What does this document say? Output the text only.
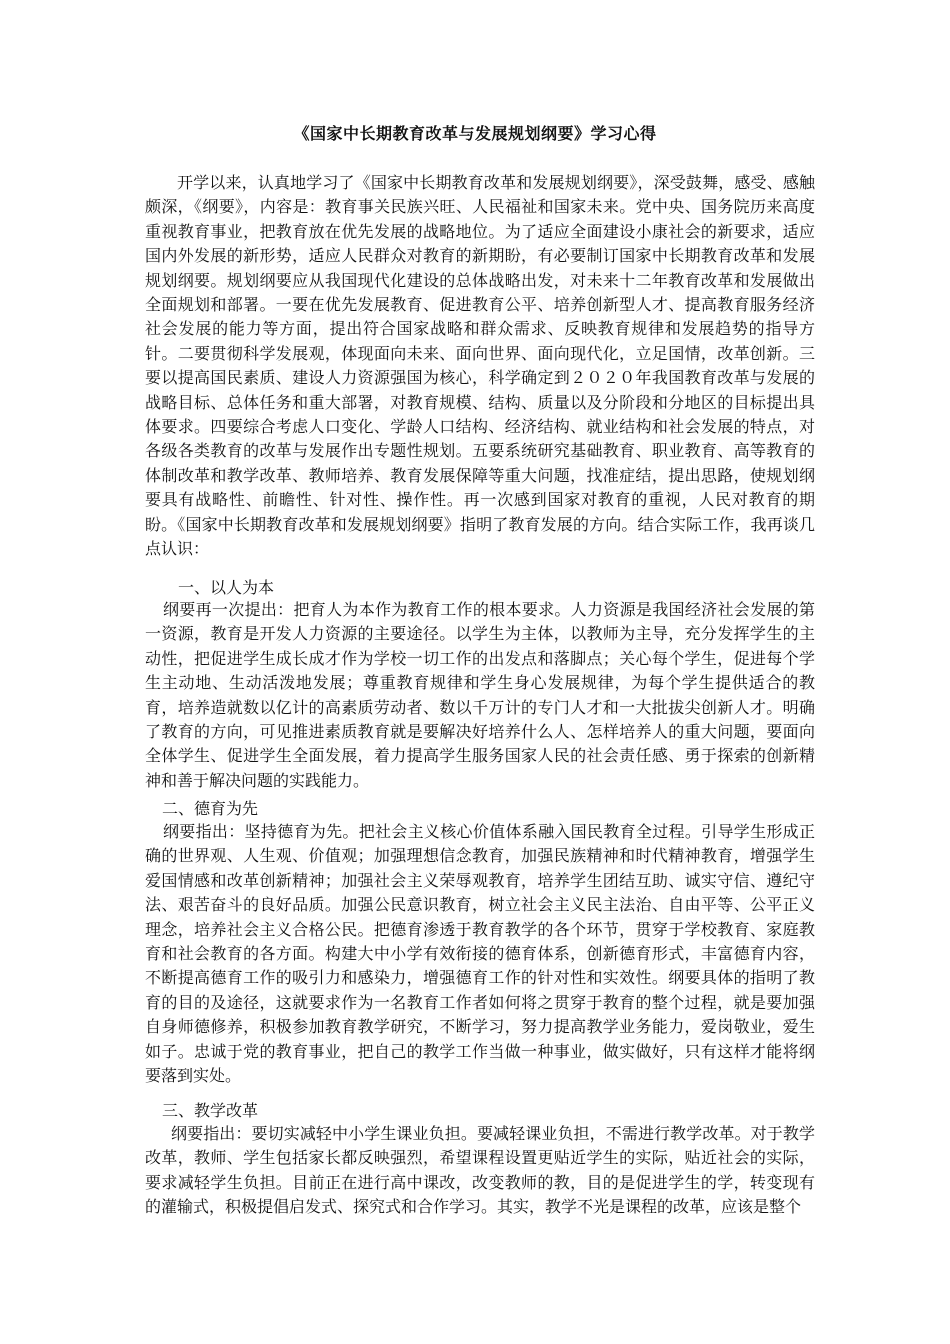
《国家中长期教育改革与发展规划纲要》学习心得

开学以来，认真地学习了《国家中长期教育改革和发展规划纲要》，深受鼓舞，感受、感触颇深，《纲要》，内容是：教育事关民族兴旺、人民福祉和国家未来。党中央、国务院历来高度重视教育事业，把教育放在优先发展的战略地位。为了适应全面建设小康社会的新要求，适应国内外发展的新形势，适应人民群众对教育的新期盼，有必要制订国家中长期教育改革和发展规划纲要。规划纲要应从我国现代化建设的总体战略出发，对未来十二年教育改革和发展做出全面规划和部署。一要在优先发展教育、促进教育公平、培养创新型人才、提高教育服务经济社会发展的能力等方面，提出符合国家战略和群众需求、反映教育规律和发展趋势的指导方针。二要贯彻科学发展观，体现面向未来、面向世界、面向现代化，立足国情，改革创新。三要以提高国民素质、建设人力资源强国为核心，科学确定到２０２０年我国教育改革与发展的战略目标、总体任务和重大部署，对教育规模、结构、质量以及分阶段和分地区的目标提出具体要求。四要综合考虑人口变化、学龄人口结构、经济结构、就业结构和社会发展的特点，对各级各类教育的改革与发展作出专题性规划。五要系统研究基础教育、职业教育、高等教育的体制改革和教学改革、教师培养、教育发展保障等重大问题，找准症结，提出思路，使规划纲要具有战略性、前瞻性、针对性、操作性。再一次感到国家对教育的重视，人民对教育的期盼。《国家中长期教育改革和发展规划纲要》指明了教育发展的方向。结合实际工作，我再谈几点认识：

一、以人为本

纲要再一次提出：把育人为本作为教育工作的根本要求。人力资源是我国经济社会发展的第一资源，教育是开发人力资源的主要途径。以学生为主体，以教师为主导，充分发挥学生的主动性，把促进学生成长成才作为学校一切工作的出发点和落脚点；关心每个学生，促进每个学生主动地、生动活泼地发展；尊重教育规律和学生身心发展规律，为每个学生提供适合的教育，培养造就数以亿计的高素质劳动者、数以千万计的专门人才和一大批拔尖创新人才。明确了教育的方向，可见推进素质教育就是要解决好培养什么人、怎样培养人的重大问题，要面向全体学生、促进学生全面发展，着力提高学生服务国家人民的社会责任感、勇于探索的创新精神和善于解决问题的实践能力。

二、德育为先

纲要指出：坚持德育为先。把社会主义核心价值体系融入国民教育全过程。引导学生形成正确的世界观、人生观、价值观；加强理想信念教育，加强民族精神和时代精神教育，增强学生爱国情感和改革创新精神；加强社会主义荣辱观教育，培养学生团结互助、诚实守信、遵纪守法、艰苦奋斗的良好品质。加强公民意识教育，树立社会主义民主法治、自由平等、公平正义理念，培养社会主义合格公民。把德育渗透于教育教学的各个环节，贯穿于学校教育、家庭教育和社会教育的各方面。构建大中小学有效衔接的德育体系，创新德育形式，丰富德育内容，不断提高德育工作的吸引力和感染力，增强德育工作的针对性和实效性。纲要具体的指明了教育的目的及途径，这就要求作为一名教育工作者如何将之贯穿于教育的整个过程，就是要加强自身师德修养，积极参加教育教学研究，不断学习，努力提高教学业务能力，爱岗敬业，爱生如子。忠诚于党的教育事业，把自己的教学工作当做一种事业，做实做好，只有这样才能将纲要落到实处。

三、教学改革

纲要指出：要切实减轻中小学生课业负担。要减轻课业负担，不需进行教学改革。对于教学改革，教师、学生包括家长都反映强烈，希望课程设置更贴近学生的实际，贴近社会的实际，要求减轻学生负担。目前正在进行高中课改，改变教师的教，目的是促进学生的学，转变现有的灌输式，积极提倡启发式、探究式和合作学习。其实，教学不光是课程的改革，应该是整个
